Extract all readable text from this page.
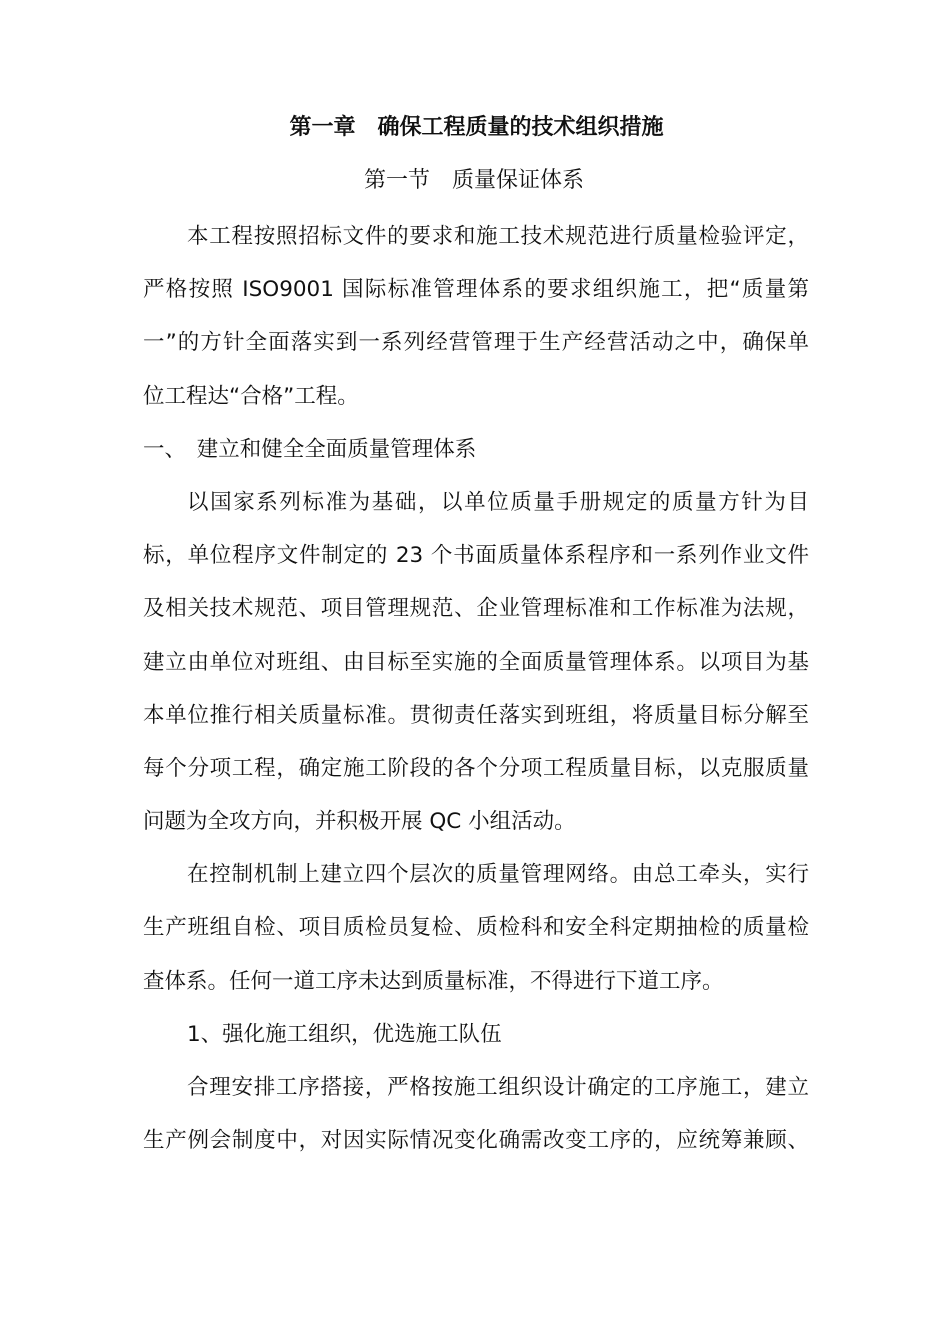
第一章　确保工程质量的技术组织措施
第一节　质量保证体系
本工程按照招标文件的要求和施工技术规范进行质量检验评定，
严格按照 ISO9001 国际标准管理体系的要求组织施工，把“质量第
一”的方针全面落实到一系列经营管理于生产经营活动之中，确保单
位工程达“合格”工程。
一、　建立和健全全面质量管理体系
以国家系列标准为基础，以单位质量手册规定的质量方针为目
标，单位程序文件制定的 23 个书面质量体系程序和一系列作业文件
及相关技术规范、项目管理规范、企业管理标准和工作标准为法规，
建立由单位对班组、由目标至实施的全面质量管理体系。以项目为基
本单位推行相关质量标准。贯彻责任落实到班组，将质量目标分解至
每个分项工程，确定施工阶段的各个分项工程质量目标，以克服质量
问题为全攻方向，并积极开展 QC 小组活动。
在控制机制上建立四个层次的质量管理网络。由总工牵头，实行
生产班组自检、项目质检员复检、质检科和安全科定期抽检的质量检
查体系。任何一道工序未达到质量标准，不得进行下道工序。
1、强化施工组织，优选施工队伍
合理安排工序搭接，严格按施工组织设计确定的工序施工，建立
生产例会制度中，对因实际情况变化确需改变工序的，应统筹兼顾、
